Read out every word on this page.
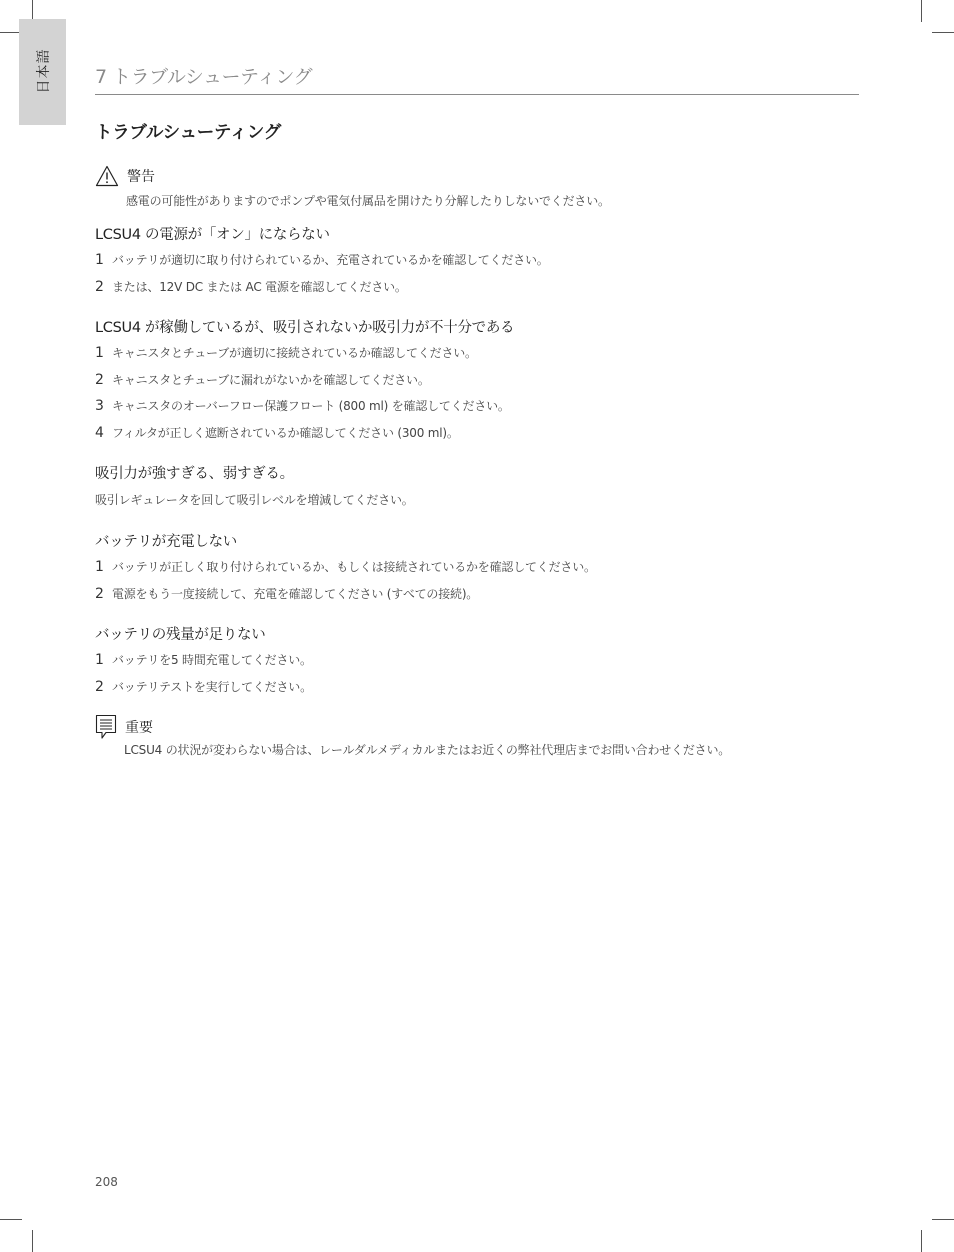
日本語 7 トラブルシューティング
トラブルシューティング
警告
感電の可能性がありますのでポンプや電気付属品を開けたり分解したりしないでください。
LCSU4 の電源が「オン」にならない
1 バッテリが適切に取り付けられているか、充電されているかを確認してください。
2 または、12V DC または AC 電源を確認してください。
LCSU4 が稼働しているが、吸引されないか吸引力が不十分である
1 キャニスタとチューブが適切に接続されているか確認してください。
2 キャニスタとチューブに漏れがないかを確認してください。
3 キャニスタのオーバーフロー保護フロート (800 ml) を確認してください。
4 フィルタが正しく遮断されているか確認してください (300 ml)。
吸引力が強すぎる、弱すぎる。

吸引レギュレータを回して吸引レベルを増減してください。

バッテリが充電しない
1 バッテリが正しく取り付けられているか、もしくは接続されているかを確認してください。
2 電源をもう一度接続して、充電を確認してください (すべての接続)。
バッテリの残量が足りない
1 バッテリを5 時間充電してください。
2 バッテリテストを実行してください。
重要
LCSU4 の状況が変わらない場合は、レールダルメディカルまたはお近くの弊社代理店までお問い合わせください。
208
